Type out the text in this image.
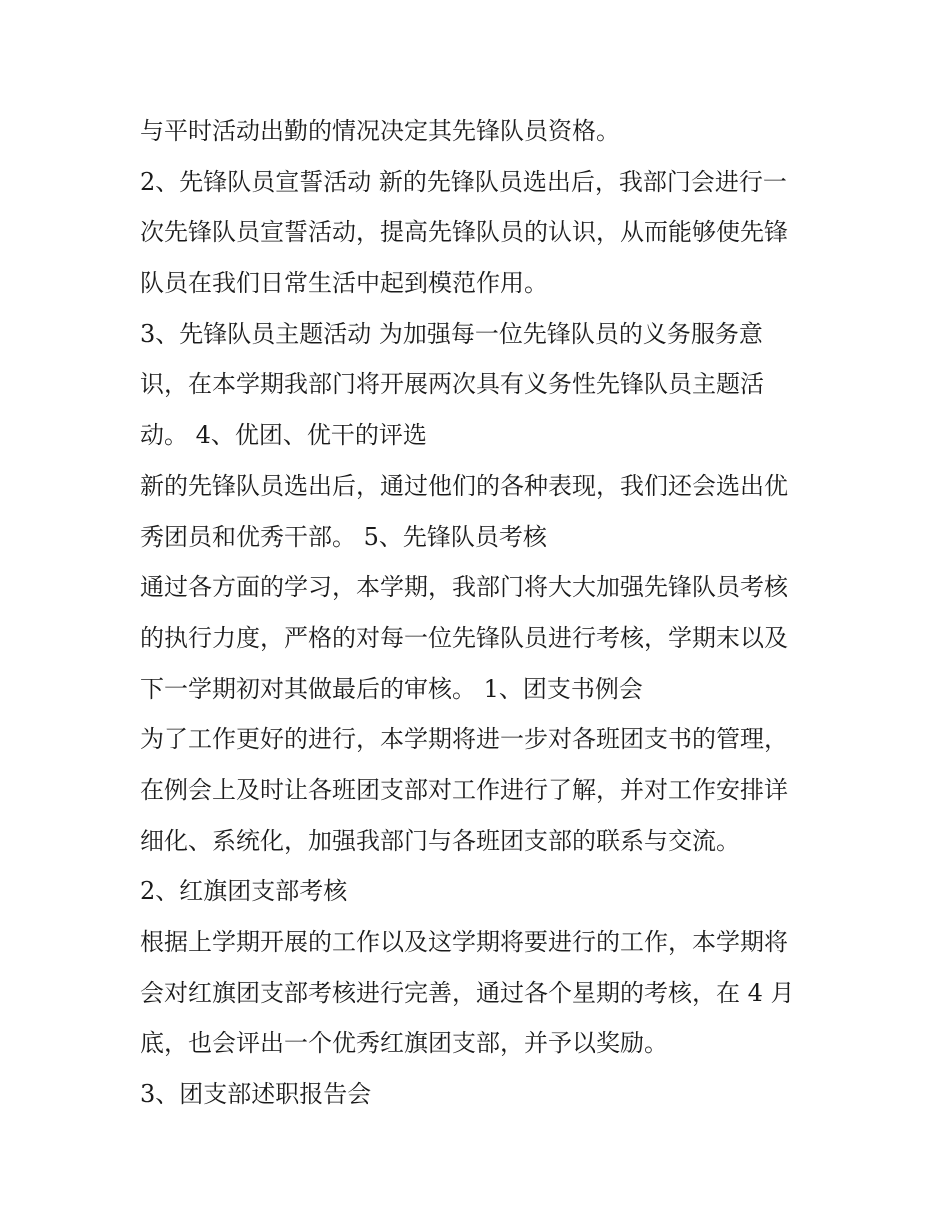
与平时活动出勤的情况决定其先锋队员资格。
2、先锋队员宣誓活动 新的先锋队员选出后，我部门会进行一
次先锋队员宣誓活动，提高先锋队员的认识，从而能够使先锋
队员在我们日常生活中起到模范作用。
3、先锋队员主题活动 为加强每一位先锋队员的义务服务意
识，在本学期我部门将开展两次具有义务性先锋队员主题活
动。 4、优团、优干的评选
新的先锋队员选出后，通过他们的各种表现，我们还会选出优
秀团员和优秀干部。 5、先锋队员考核
通过各方面的学习，本学期，我部门将大大加强先锋队员考核
的执行力度，严格的对每一位先锋队员进行考核，学期末以及
下一学期初对其做最后的审核。 1、团支书例会
为了工作更好的进行，本学期将进一步对各班团支书的管理，
在例会上及时让各班团支部对工作进行了解，并对工作安排详
细化、系统化，加强我部门与各班团支部的联系与交流。
2、红旗团支部考核
根据上学期开展的工作以及这学期将要进行的工作，本学期将
会对红旗团支部考核进行完善，通过各个星期的考核，在 4 月
底，也会评出一个优秀红旗团支部，并予以奖励。
3、团支部述职报告会
